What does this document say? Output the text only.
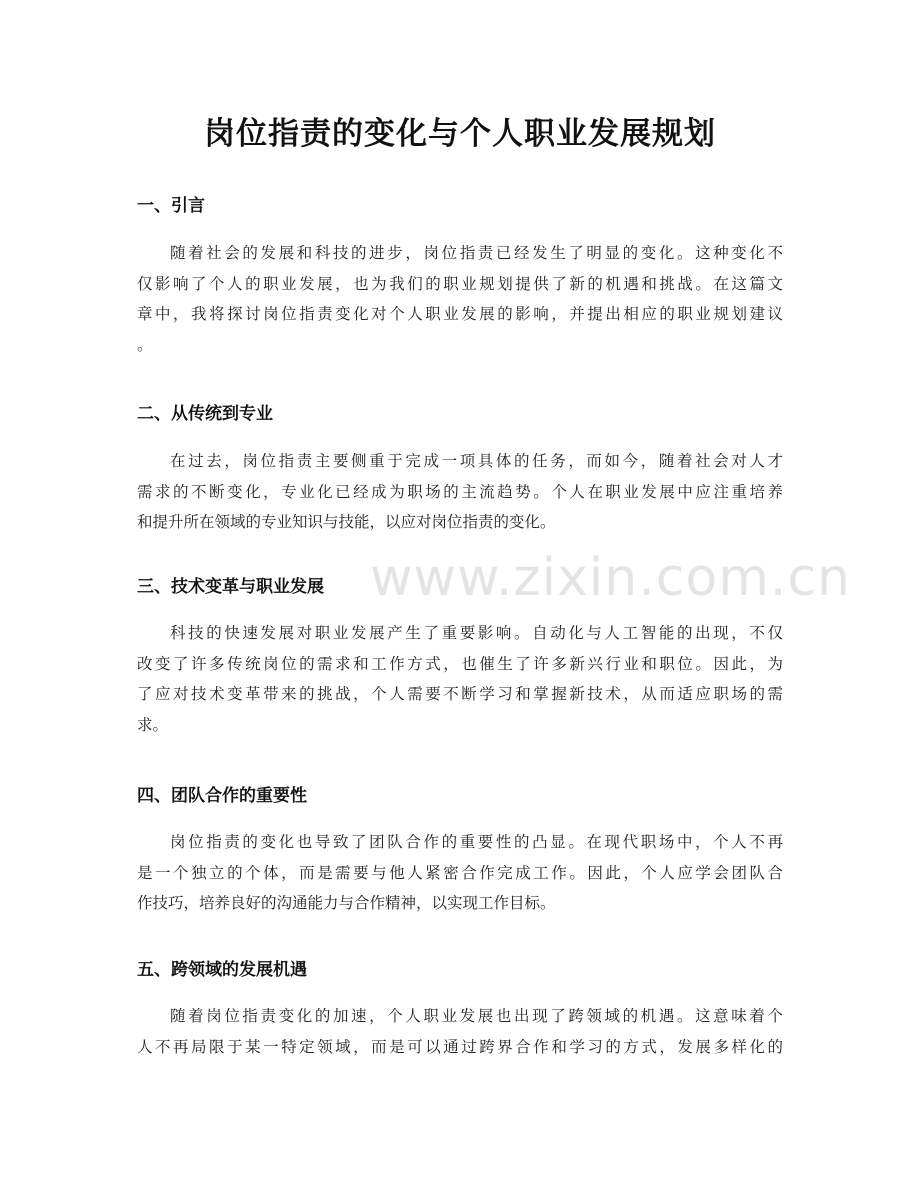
岗位指责的变化与个人职业发展规划
一、引言

随着社会的发展和科技的进步，岗位指责已经发生了明显的变化。这种变化不
仅影响了个人的职业发展，也为我们的职业规划提供了新的机遇和挑战。在这篇文
章中，我将探讨岗位指责变化对个人职业发展的影响，并提出相应的职业规划建议
。

二、从传统到专业

在过去，岗位指责主要侧重于完成一项具体的任务，而如今，随着社会对人才
需求的不断变化，专业化已经成为职场的主流趋势。个人在职业发展中应注重培养
和提升所在领域的专业知识与技能，以应对岗位指责的变化。

三、技术变革与职业发展

科技的快速发展对职业发展产生了重要影响。自动化与人工智能的出现，不仅
改变了许多传统岗位的需求和工作方式，也催生了许多新兴行业和职位。因此，为
了应对技术变革带来的挑战，个人需要不断学习和掌握新技术，从而适应职场的需
求。

四、团队合作的重要性

岗位指责的变化也导致了团队合作的重要性的凸显。在现代职场中，个人不再
是一个独立的个体，而是需要与他人紧密合作完成工作。因此，个人应学会团队合
作技巧，培养良好的沟通能力与合作精神，以实现工作目标。

五、跨领域的发展机遇

随着岗位指责变化的加速，个人职业发展也出现了跨领域的机遇。这意味着个
人不再局限于某一特定领域，而是可以通过跨界合作和学习的方式，发展多样化的

www.zixin.com.cn
